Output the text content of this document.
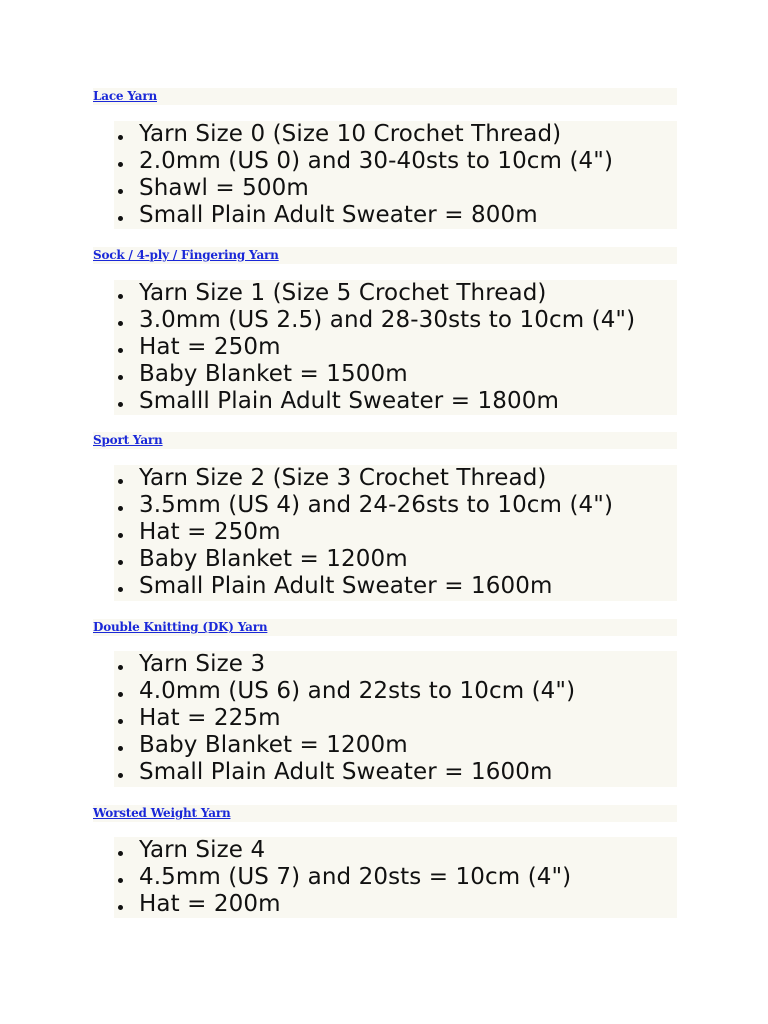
Lace Yarn
Yarn Size 0 (Size 10 Crochet Thread)
2.0mm (US 0) and 30-40sts to 10cm (4")
Shawl = 500m
Small Plain Adult Sweater = 800m
Sock / 4-ply / Fingering Yarn
Yarn Size 1 (Size 5 Crochet Thread)
3.0mm (US 2.5) and 28-30sts to 10cm (4")
Hat = 250m
Baby Blanket = 1500m
Smalll Plain Adult Sweater = 1800m
Sport Yarn
Yarn Size 2 (Size 3 Crochet Thread)
3.5mm (US 4) and 24-26sts to 10cm (4")
Hat = 250m
Baby Blanket = 1200m
Small Plain Adult Sweater = 1600m
Double Knitting (DK) Yarn
Yarn Size 3
4.0mm (US 6) and 22sts to 10cm (4")
Hat = 225m
Baby Blanket = 1200m
Small Plain Adult Sweater = 1600m
Worsted Weight Yarn
Yarn Size 4
4.5mm (US 7) and 20sts = 10cm (4")
Hat = 200m
